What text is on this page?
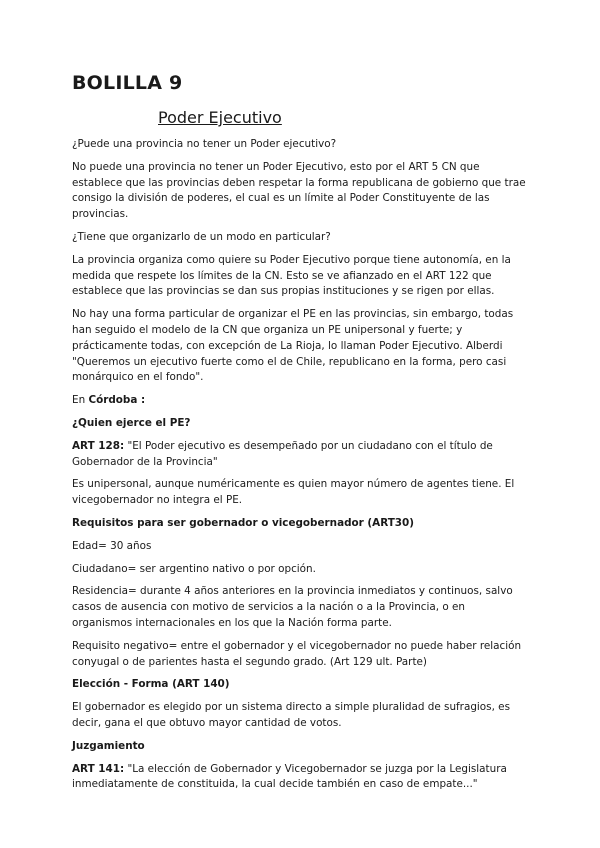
BOLILLA 9
Poder Ejecutivo

¿Puede una provincia no tener un Poder ejecutivo?

No puede una provincia no tener un Poder Ejecutivo, esto por el ART 5 CN que establece que las provincias deben respetar la forma republicana de gobierno que trae consigo la división de poderes, el cual es un límite al Poder Constituyente de las provincias.

¿Tiene que organizarlo de un modo en particular?

La provincia organiza como quiere su Poder Ejecutivo porque tiene autonomía, en la medida que respete los límites de la CN. Esto se ve afianzado en el ART 122 que establece que las provincias se dan sus propias instituciones y se rigen por ellas.

No hay una forma particular de organizar el PE en las provincias, sin embargo, todas han seguido el modelo de la CN que organiza un PE unipersonal y fuerte; y prácticamente todas, con excepción de La Rioja, lo llaman Poder Ejecutivo. Alberdi "Queremos un ejecutivo fuerte como el de Chile, republicano en la forma, pero casi monárquico en el fondo".

En Córdoba :

¿Quien ejerce el PE?

ART 128: "El Poder ejecutivo es desempeñado por un ciudadano con el título de Gobernador de la Provincia"

Es unipersonal, aunque numéricamente es quien mayor número de agentes tiene. El vicegobernador no integra el PE.

Requisitos para ser gobernador o vicegobernador (ART30)

Edad= 30 años

Ciudadano= ser argentino nativo o por opción.

Residencia= durante 4 años anteriores en la provincia inmediatos y continuos, salvo casos de ausencia con motivo de servicios a la nación o a la Provincia, o en organismos internacionales en los que la Nación forma parte.

Requisito negativo= entre el gobernador y el vicegobernador no puede haber relación conyugal o de parientes hasta el segundo grado. (Art 129 ult. Parte)

Elección - Forma (ART 140)

El gobernador es elegido por un sistema directo a simple pluralidad de sufragios, es decir, gana el que obtuvo mayor cantidad de votos.

Juzgamiento

ART 141: "La elección de Gobernador y Vicegobernador se juzga por la Legislatura inmediatamente de constituida, la cual decide también en caso de empate..."
